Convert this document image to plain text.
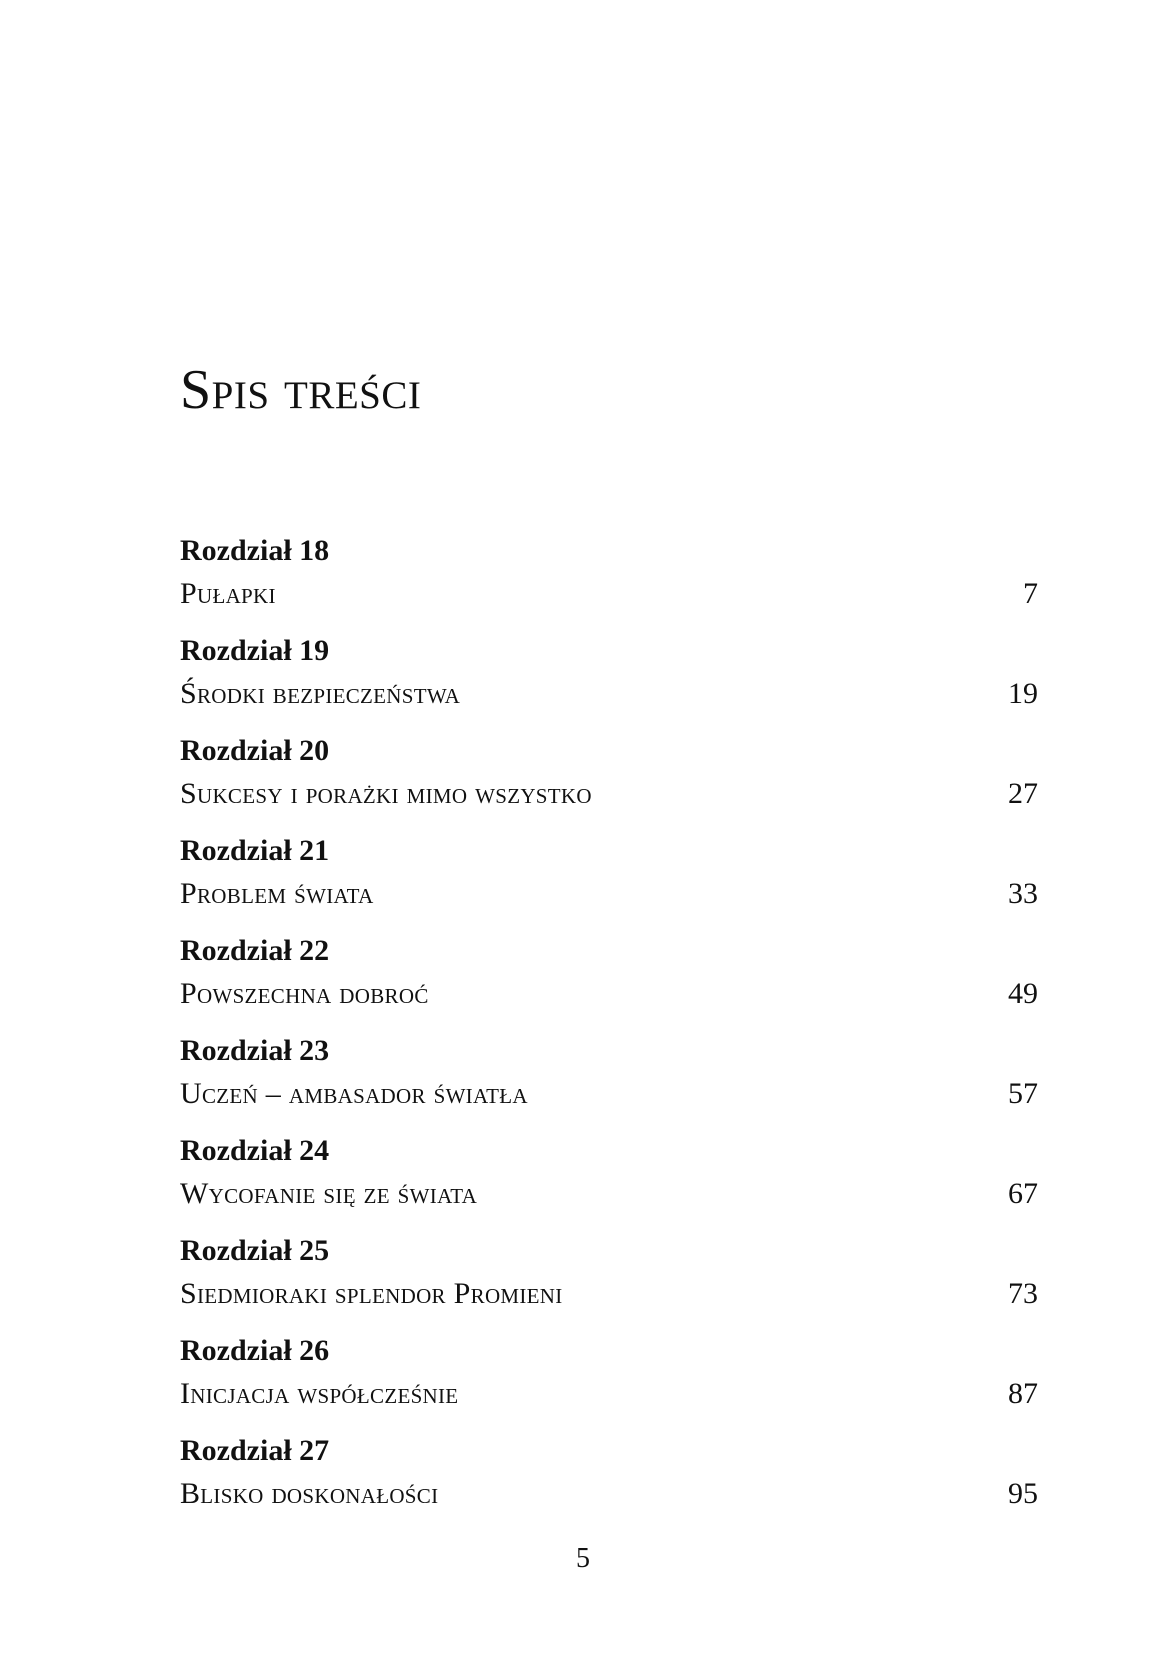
Spis treści
Rozdział 18
Pułapki	7
Rozdział 19
Środki bezpieczeństwa	19
Rozdział 20
Sukcesy i porażki mimo wszystko	27
Rozdział 21
Problem świata	33
Rozdział 22
Powszechna dobroć	49
Rozdział 23
Uczeń – ambasador światła	57
Rozdział 24
Wycofanie się ze świata	67
Rozdział 25
Siedmioraki splendor Promieni	73
Rozdział 26
Inicjacja współcześnie	87
Rozdział 27
Blisko doskonałości	95
5
